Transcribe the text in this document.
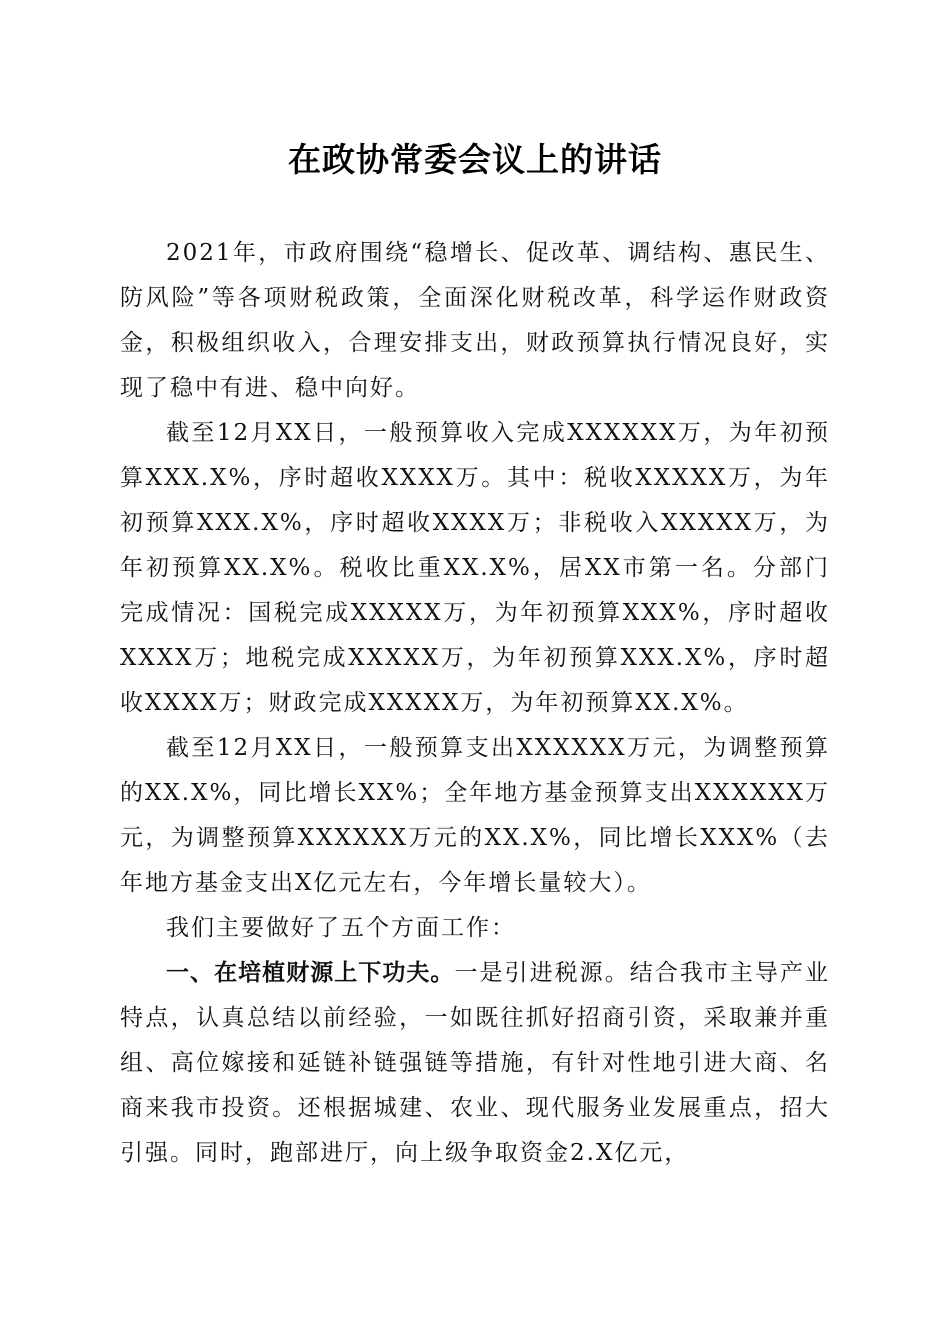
在政协常委会议上的讲话

2021年，市政府围绕“稳增长、促改革、调结构、惠民生、防风险”等各项财税政策，全面深化财税改革，科学运作财政资金，积极组织收入，合理安排支出，财政预算执行情况良好，实现了稳中有进、稳中向好。

截至12月XX日，一般预算收入完成XXXXXX万，为年初预算XXX.X%，序时超收XXXX万。其中：税收XXXXX万，为年初预算XXX.X%，序时超收XXXX万；非税收入XXXXX万，为年初预算XX.X%。税收比重XX.X%，居XX市第一名。分部门完成情况：国税完成XXXXX万，为年初预算XXX%，序时超收XXXX万；地税完成XXXXX万，为年初预算XXX.X%，序时超收XXXX万；财政完成XXXXX万，为年初预算XX.X%。

截至12月XX日，一般预算支出XXXXXX万元，为调整预算的XX.X%，同比增长XX%；全年地方基金预算支出XXXXXX万元，为调整预算XXXXXX万元的XX.X%，同比增长XXX%（去年地方基金支出X亿元左右，今年增长量较大）。

我们主要做好了五个方面工作：

一、在培植财源上下功夫。一是引进税源。结合我市主导产业特点，认真总结以前经验，一如既往抓好招商引资，采取兼并重组、高位嫁接和延链补链强链等措施，有针对性地引进大商、名商来我市投资。还根据城建、农业、现代服务业发展重点，招大引强。同时，跑部进厅，向上级争取资金2.X亿元，
